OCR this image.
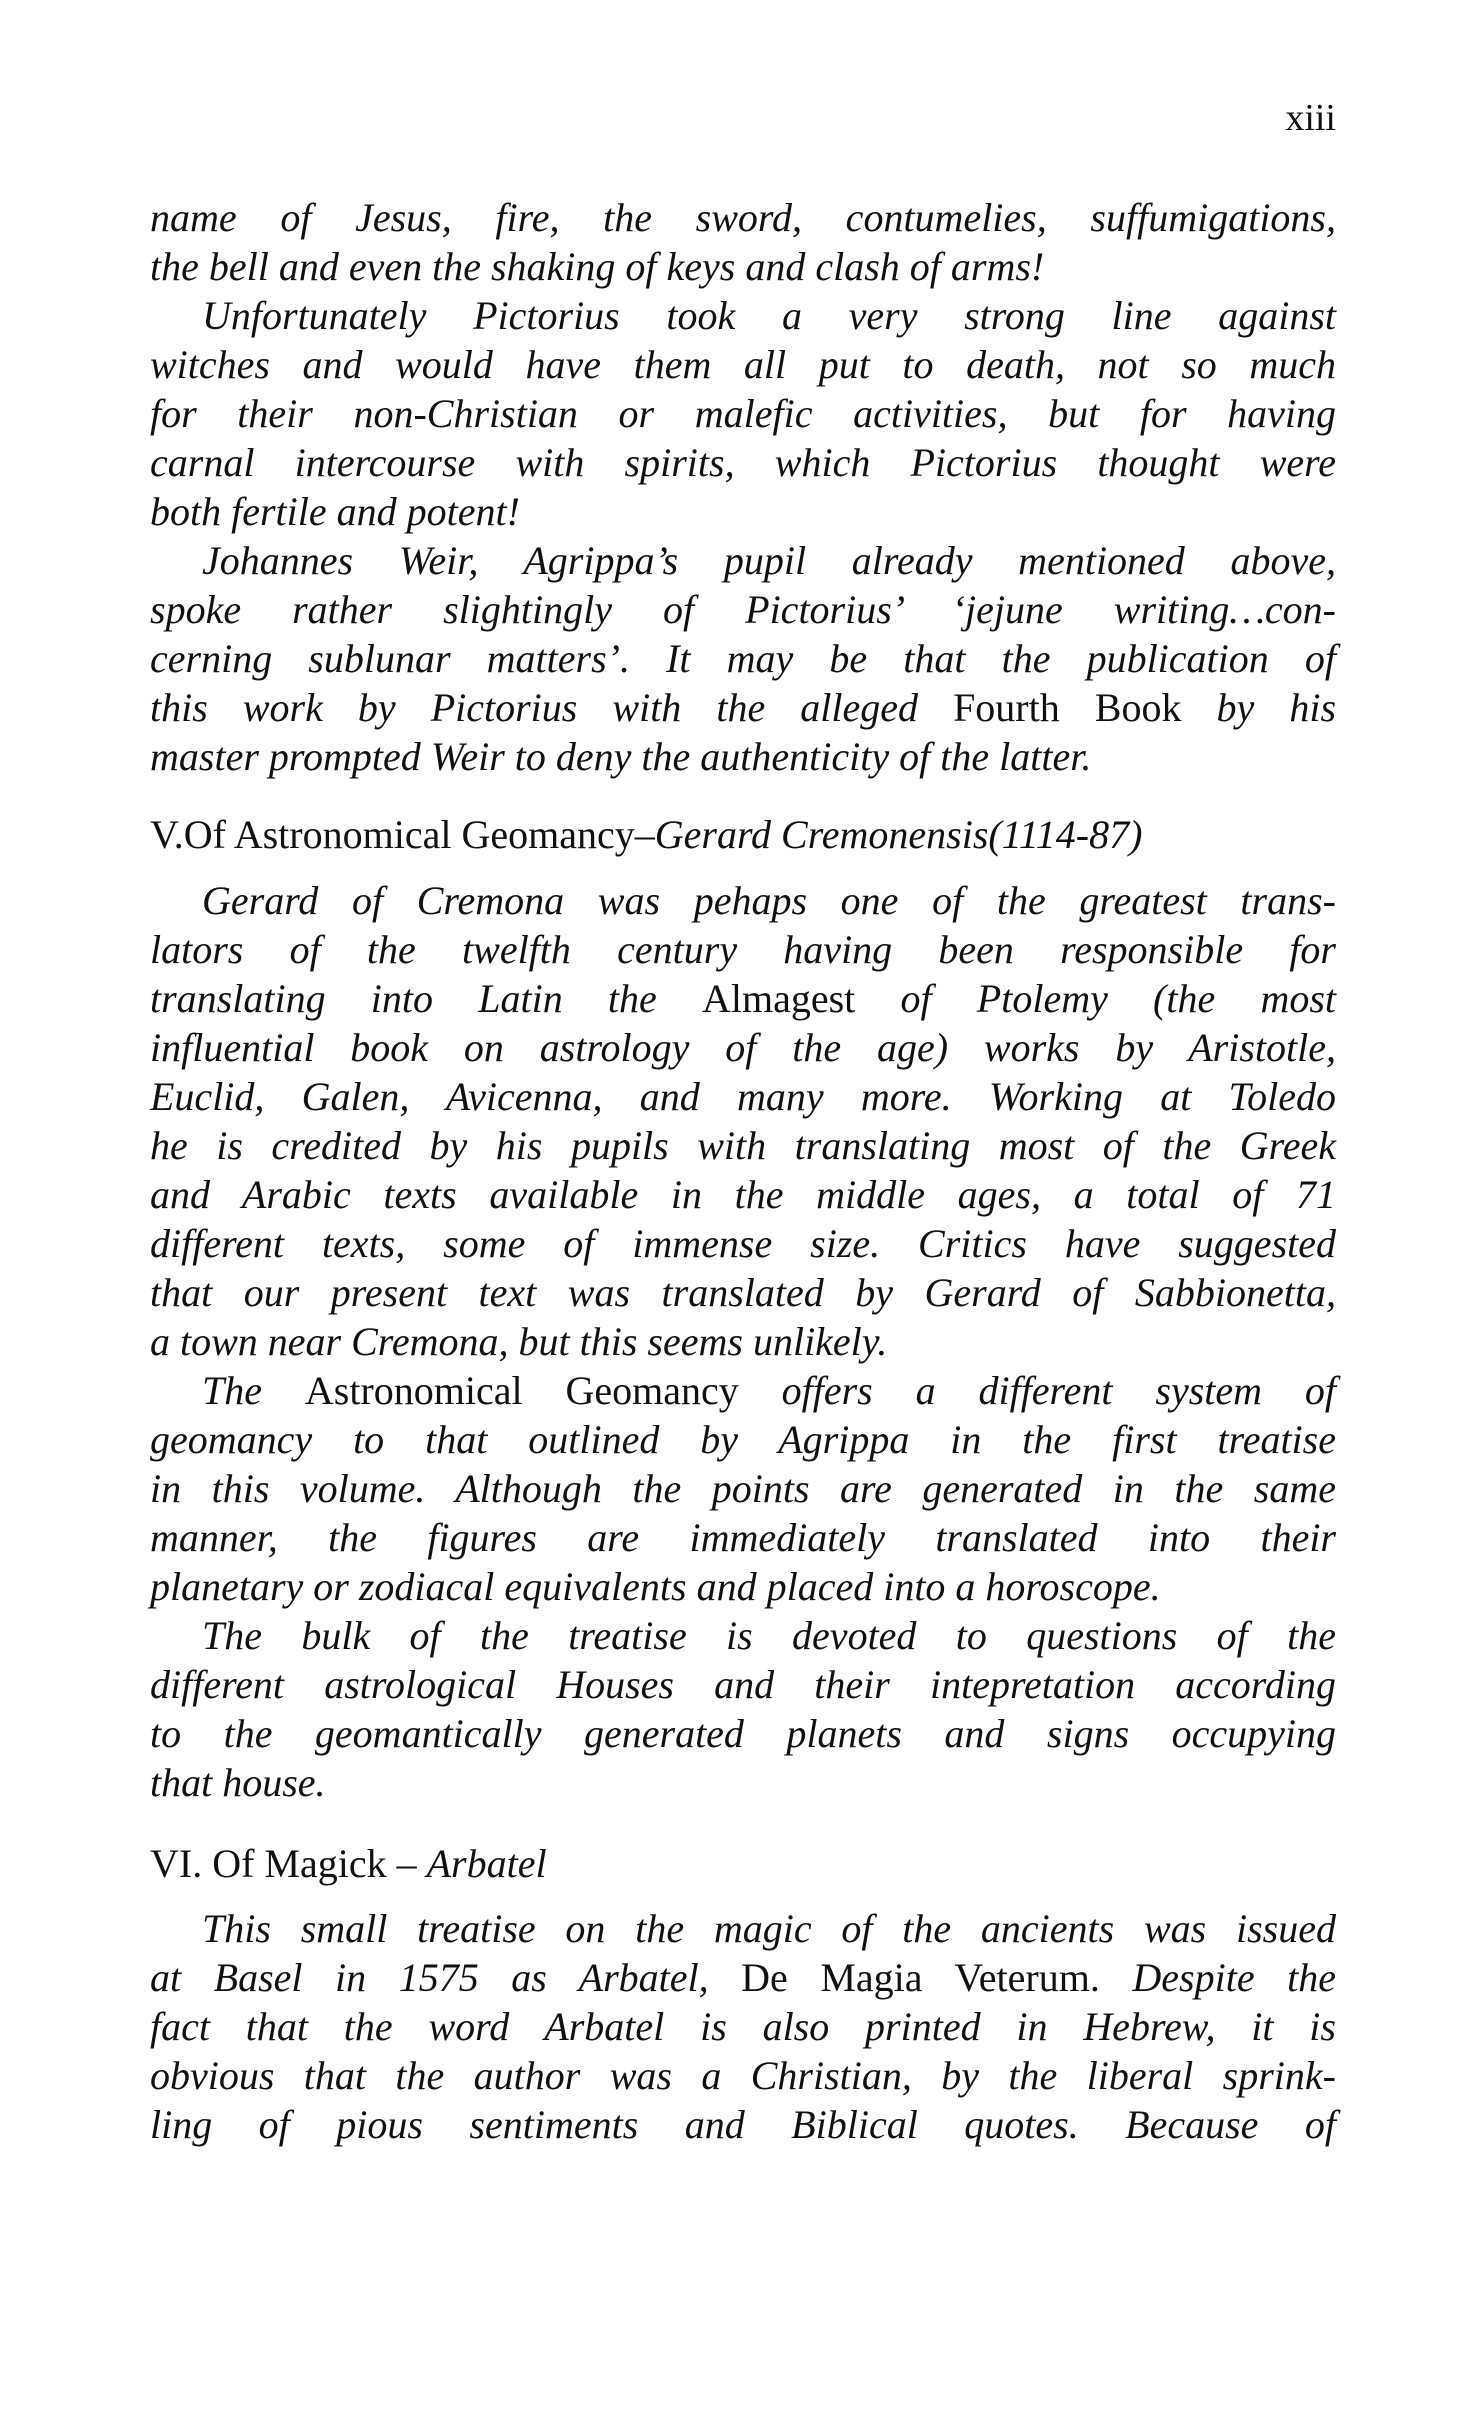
xiii
name of Jesus, fire, the sword, contumelies, suffumigations,
the bell and even the shaking of keys and clash of arms!
Unfortunately Pictorius took a very strong line against
witches and would have them all put to death, not so much
for their non-Christian or malefic activities, but for having
carnal intercourse with spirits, which Pictorius thought were
both fertile and potent!
Johannes Weir, Agrippa’s pupil already mentioned above,
spoke rather slightingly of Pictorius’ ‘jejune writing…con-
cerning sublunar matters’. It may be that the publication of
this work by Pictorius with the alleged Fourth Book by his
master prompted Weir to deny the authenticity of the latter.
V.Of Astronomical Geomancy–Gerard Cremonensis(1114-87)
Gerard of Cremona was pehaps one of the greatest trans-
lators of the twelfth century having been responsible for
translating into Latin the Almagest of Ptolemy (the most
influential book on astrology of the age) works by Aristotle,
Euclid, Galen, Avicenna, and many more. Working at Toledo
he is credited by his pupils with translating most of the Greek
and Arabic texts available in the middle ages, a total of 71
different texts, some of immense size. Critics have suggested
that our present text was translated by Gerard of Sabbionetta,
a town near Cremona, but this seems unlikely.
The Astronomical Geomancy offers a different system of
geomancy to that outlined by Agrippa in the first treatise
in this volume. Although the points are generated in the same
manner, the figures are immediately translated into their
planetary or zodiacal equivalents and placed into a horoscope.
The bulk of the treatise is devoted to questions of the
different astrological Houses and their intepretation according
to the geomantically generated planets and signs occupying
that house.
VI. Of Magick – Arbatel
This small treatise on the magic of the ancients was issued
at Basel in 1575 as Arbatel, De Magia Veterum. Despite the
fact that the word Arbatel is also printed in Hebrew, it is
obvious that the author was a Christian, by the liberal sprink-
ling of pious sentiments and Biblical quotes. Because of
